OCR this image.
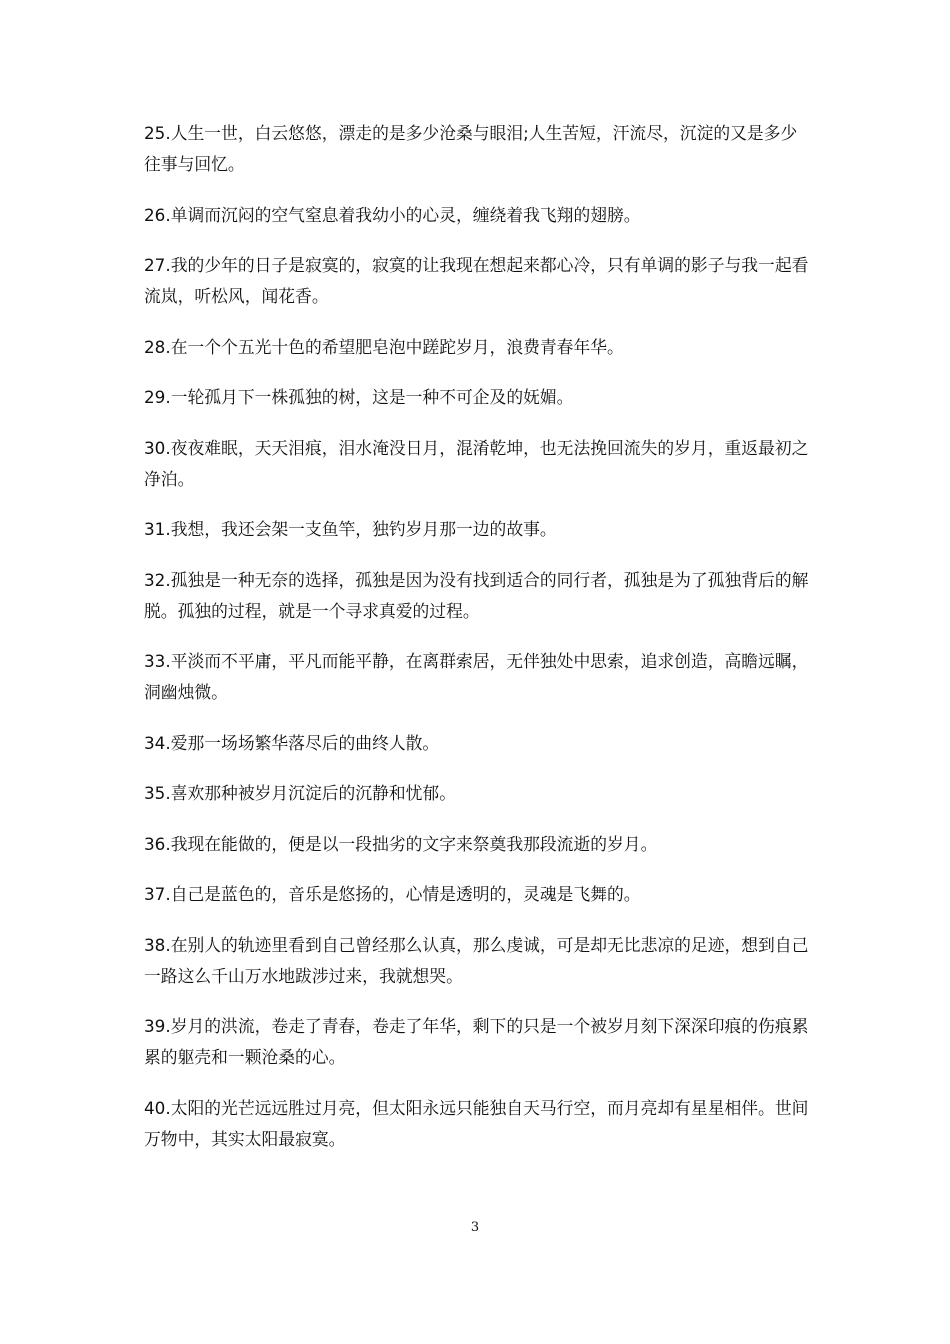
25.人生一世，白云悠悠，漂走的是多少沧桑与眼泪;人生苦短，汗流尽，沉淀的又是多少往事与回忆。

26.单调而沉闷的空气窒息着我幼小的心灵，缠绕着我飞翔的翅膀。

27.我的少年的日子是寂寞的，寂寞的让我现在想起来都心冷，只有单调的影子与我一起看流岚，听松风，闻花香。

28.在一个个五光十色的希望肥皂泡中蹉跎岁月，浪费青春年华。

29.一轮孤月下一株孤独的树，这是一种不可企及的妩媚。

30.夜夜难眠，天天泪痕，泪水淹没日月，混淆乾坤，也无法挽回流失的岁月，重返最初之净泊。

31.我想，我还会架一支鱼竿，独钓岁月那一边的故事。

32.孤独是一种无奈的选择，孤独是因为没有找到适合的同行者，孤独是为了孤独背后的解脱。孤独的过程，就是一个寻求真爱的过程。

33.平淡而不平庸，平凡而能平静，在离群索居，无伴独处中思索，追求创造，高瞻远瞩，洞幽烛微。

34.爱那一场场繁华落尽后的曲终人散。

35.喜欢那种被岁月沉淀后的沉静和忧郁。

36.我现在能做的，便是以一段拙劣的文字来祭奠我那段流逝的岁月。

37.自己是蓝色的，音乐是悠扬的，心情是透明的，灵魂是飞舞的。

38.在别人的轨迹里看到自己曾经那么认真，那么虔诚，可是却无比悲凉的足迹，想到自己一路这么千山万水地跋涉过来，我就想哭。

39.岁月的洪流，卷走了青春，卷走了年华，剩下的只是一个被岁月刻下深深印痕的伤痕累累的躯壳和一颗沧桑的心。

40.太阳的光芒远远胜过月亮，但太阳永远只能独自天马行空，而月亮却有星星相伴。世间万物中，其实太阳最寂寞。

3
